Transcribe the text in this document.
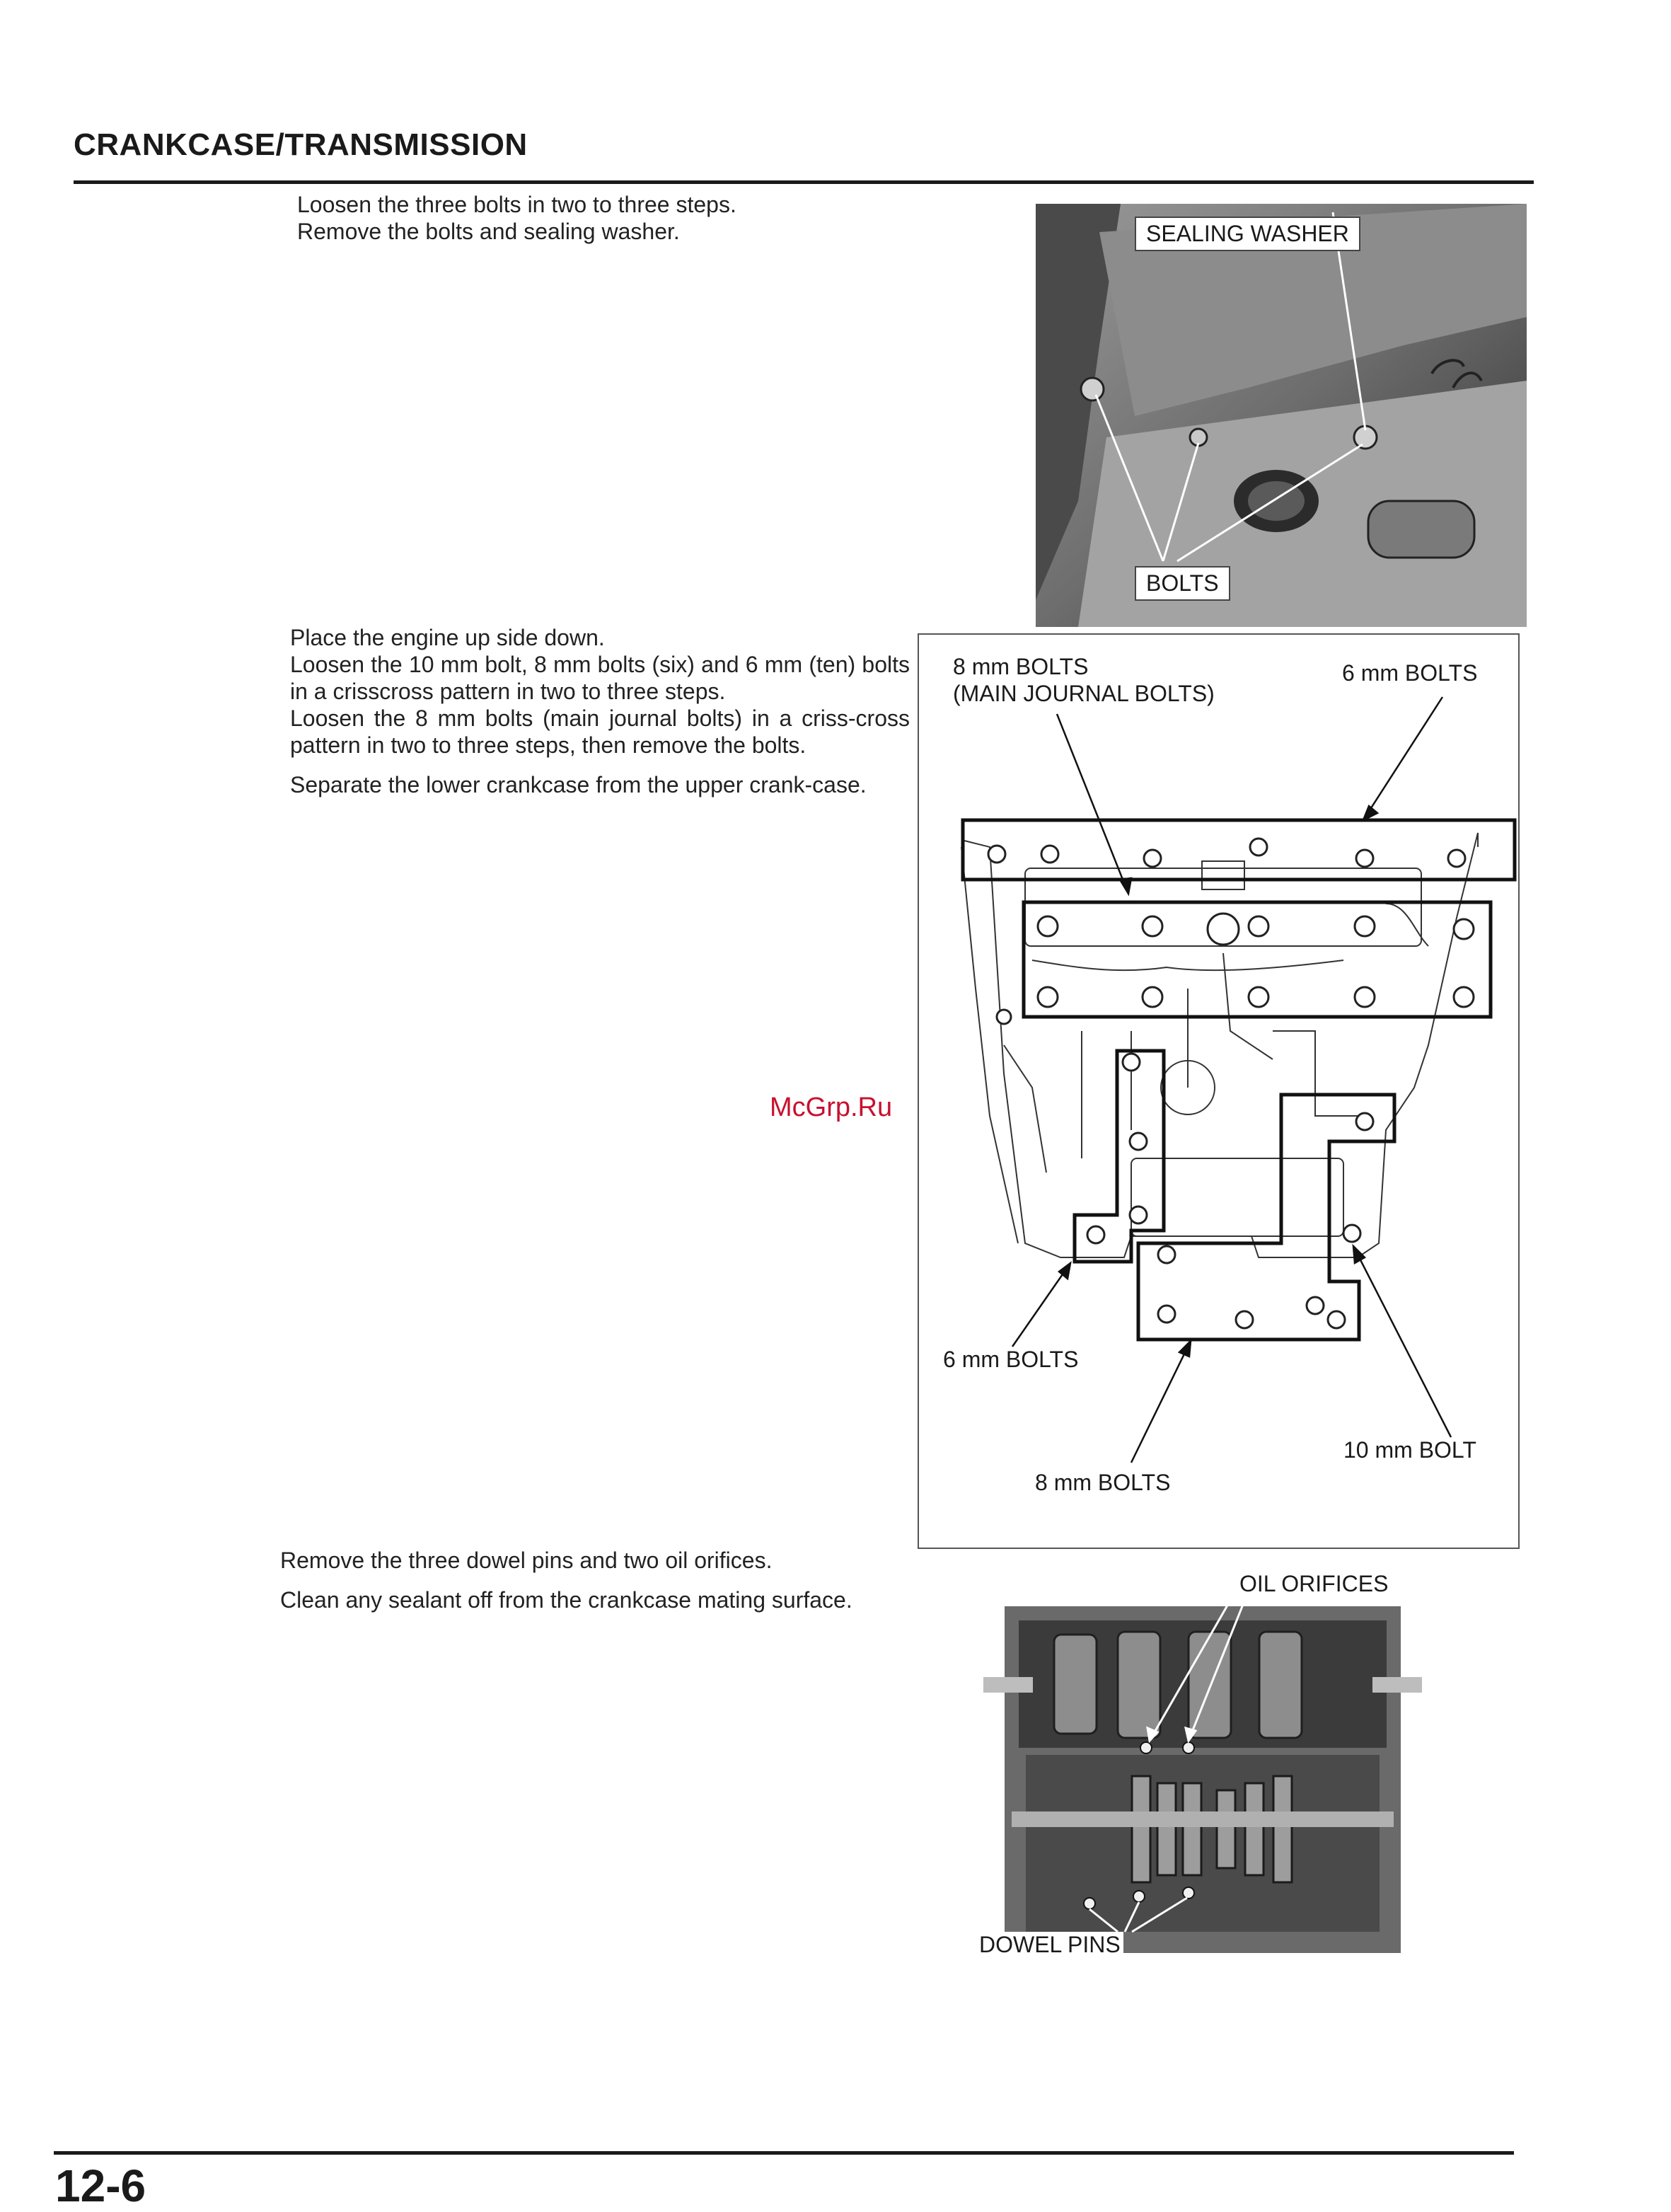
CRANKCASE/TRANSMISSION
Loosen the three bolts in two to three steps.
Remove the bolts and sealing washer.	SEALING WASHER
BOLTS
Place the engine up side down.
Loosen the 10 mm bolt, 8 mm bolts (six) and 6 mm (ten) bolts in a crisscross pattern in two to three steps.
Loosen the 8 mm bolts (main journal bolts) in a criss-cross pattern in two to three steps, then remove the bolts.
Separate the lower crankcase from the upper crank-case.
8 mm BOLTS
(MAIN JOURNAL BOLTS)
6 mm BOLTS
6 mm BOLTS
8 mm BOLTS
10 mm BOLT
McGrp.Ru
Remove the three dowel pins and two oil orifices.
Clean any sealant off from the crankcase mating surface.
OIL ORIFICES
DOWEL PINS
12-6
